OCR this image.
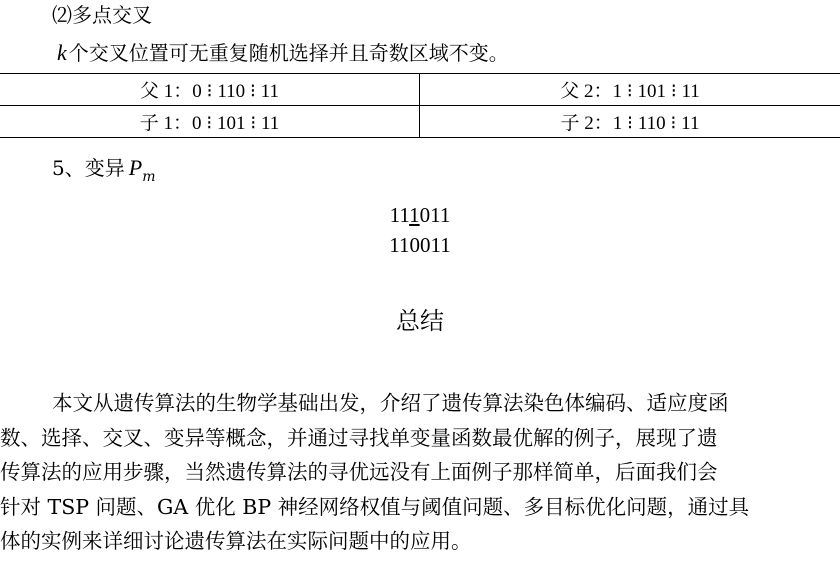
⑵多点交叉
k 个交叉位置可无重复随机选择并且奇数区域不变。
父 1：0 ⁝ 110 ⁝ 11	父 2：1 ⁝ 101 ⁝ 11
子 1：0 ⁝ 101 ⁝ 11	子 2：1 ⁝ 110 ⁝ 11
5、变异 $P_m$
111011
110011
总结

本文从遗传算法的生物学基础出发，介绍了遗传算法染色体编码、适应度函
数、选择、交叉、变异等概念，并通过寻找单变量函数最优解的例子，展现了遗
传算法的应用步骤，当然遗传算法的寻优远没有上面例子那样简单，后面我们会
针对 TSP 问题、GA 优化 BP 神经网络权值与阈值问题、多目标优化问题，通过具
体的实例来详细讨论遗传算法在实际问题中的应用。
